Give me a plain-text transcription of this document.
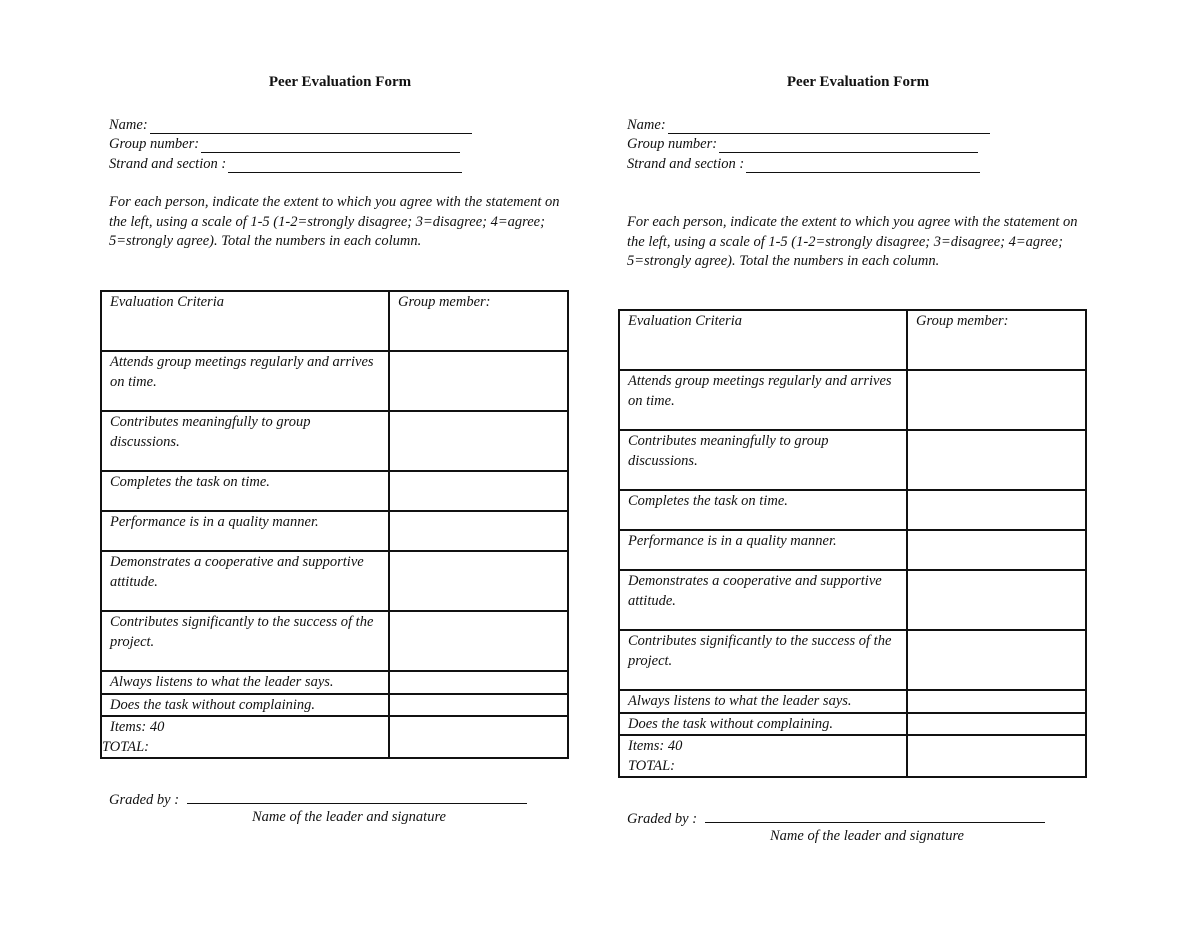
Peer Evaluation Form
Name:
Group number:
Strand and section :

For each person, indicate the extent to which you agree with the statement on the left, using a scale of 1-5 (1-2=strongly disagree; 3=disagree; 4=agree; 5=strongly agree). Total the numbers in each column.

Evaluation Criteria	Group member:
Attends group meetings regularly and arrives on time.	
Contributes meaningfully to group discussions.	
Completes the task on time.	
Performance is in a quality manner.	
Demonstrates a cooperative and supportive attitude.	
Contributes significantly to the success of the project.	
Always listens to what the leader says.	
Does the task without complaining.	

Items: 40
TOTAL:	

Graded by :
Name of the leader and signature
Peer Evaluation Form
Name:
Group number:
Strand and section :

For each person, indicate the extent to which you agree with the statement on the left, using a scale of 1-5 (1-2=strongly disagree; 3=disagree; 4=agree; 5=strongly agree). Total the numbers in each column.

Evaluation Criteria	Group member:
Attends group meetings regularly and arrives on time.	
Contributes meaningfully to group discussions.	
Completes the task on time.	
Performance is in a quality manner.	
Demonstrates a cooperative and supportive attitude.	
Contributes significantly to the success of the project.	
Always listens to what the leader says.	
Does the task without complaining.	

Items: 40
TOTAL:	

Graded by :
Name of the leader and signature
